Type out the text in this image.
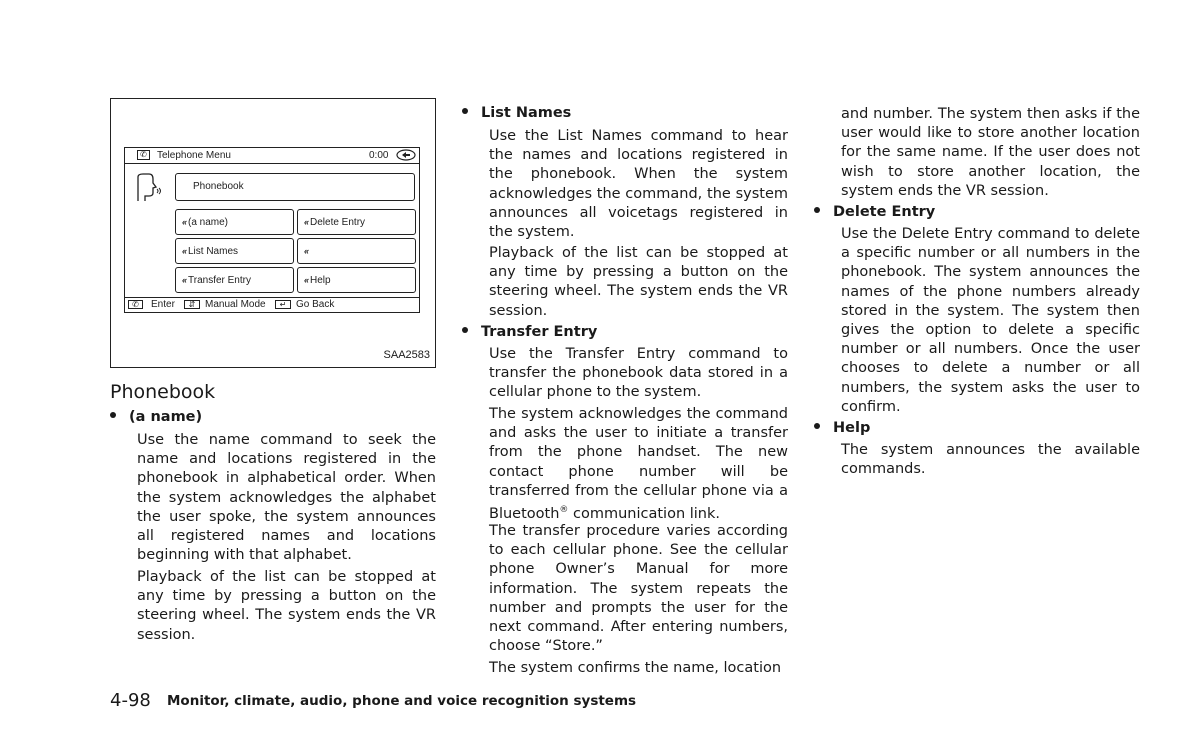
✆	Telephone Menu	0:00
Phonebook
‹‹ (a name)	‹‹ Delete Entry
‹‹ List Names	‹‹
‹‹ Transfer Entry	‹‹ Help
✆	Enter	⇵ Manual Mode	↵ Go Back
SAA2583
Phonebook
(a name)
Use the name command to seek the name and locations registered in the phonebook in alphabetical order. When the system acknowledges the alphabet the user spoke, the system announces all registered names and locations beginning with that alphabet.
Playback of the list can be stopped at any time by pressing a button on the steering wheel. The system ends the VR session.
List Names
Use the List Names command to hear the names and locations registered in the phonebook. When the system acknowledges the command, the system announces all voicetags registered in the system.
Playback of the list can be stopped at any time by pressing a button on the steering wheel. The system ends the VR session.
Transfer Entry
Use the Transfer Entry command to transfer the phonebook data stored in a cellular phone to the system.
The system acknowledges the command and asks the user to initiate a transfer from the phone handset. The new contact phone number will be transferred from the cellular phone via a Bluetooth® communication link.
The transfer procedure varies according to each cellular phone. See the cellular phone Owner’s Manual for more information. The system repeats the number and prompts the user for the next command. After entering numbers, choose “Store.”
The system confirms the name, location
and number. The system then asks if the user would like to store another location for the same name. If the user does not wish to store another location, the system ends the VR session.
Delete Entry
Use the Delete Entry command to delete a specific number or all numbers in the phonebook. The system announces the names of the phone numbers already stored in the system. The system then gives the option to delete a specific number or all numbers. Once the user chooses to delete a number or all numbers, the system asks the user to confirm.
Help
The system announces the available commands.
4-98 Monitor, climate, audio, phone and voice recognition systems
